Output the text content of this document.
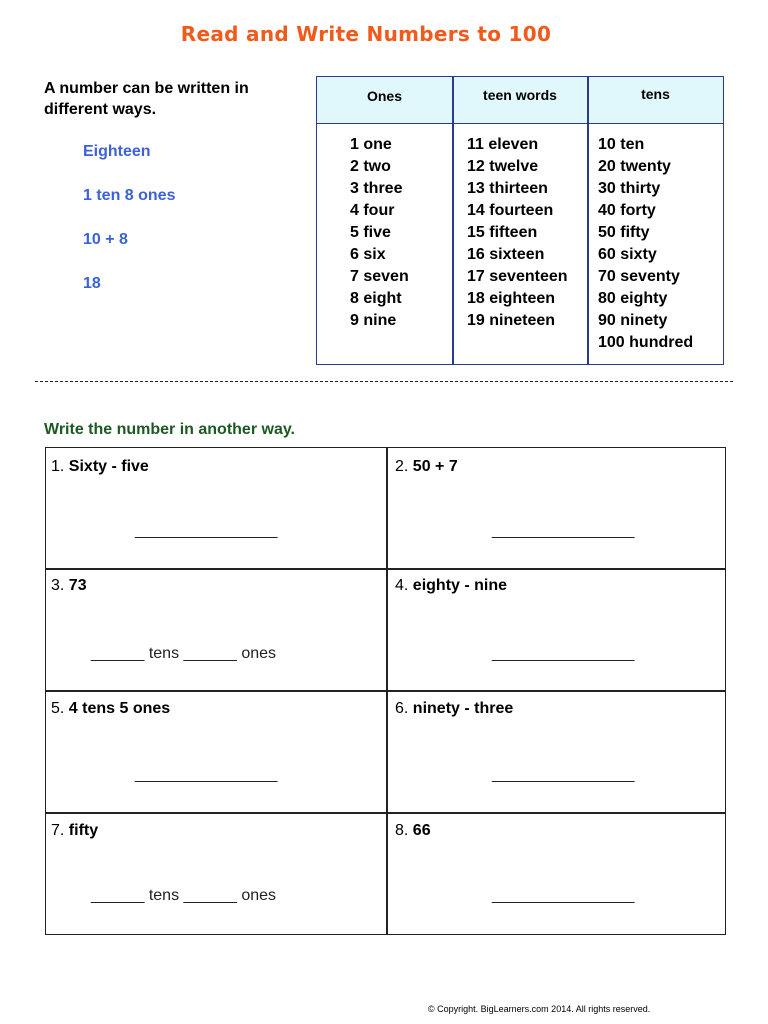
Read and Write Numbers to 100
A number can be written in different ways.
Eighteen
1 ten 8 ones
10 + 8
18
Ones	teen words	tens
1 one
2 two
3 three
4 four
5 five
6 six
7 seven
8 eight
9 nine
11 eleven
12 twelve
13 thirteen
14 fourteen
15 fifteen
16 sixteen
17 seventeen
18 eighteen
19 nineteen
10 ten
20 twenty
30 thirty
40 forty
50 fifty
60 sixty
70 seventy
80 eighty
90 ninety
100 hundred
Write the number in another way.
1. Sixty - five
________________
2. 50 + 7
________________
3. 73
______ tens ______ ones
4. eighty - nine
________________
5. 4 tens 5 ones
________________
6. ninety - three
________________
7. fifty
______ tens ______ ones
8. 66
________________
© Copyright. BigLearners.com 2014. All rights reserved.
